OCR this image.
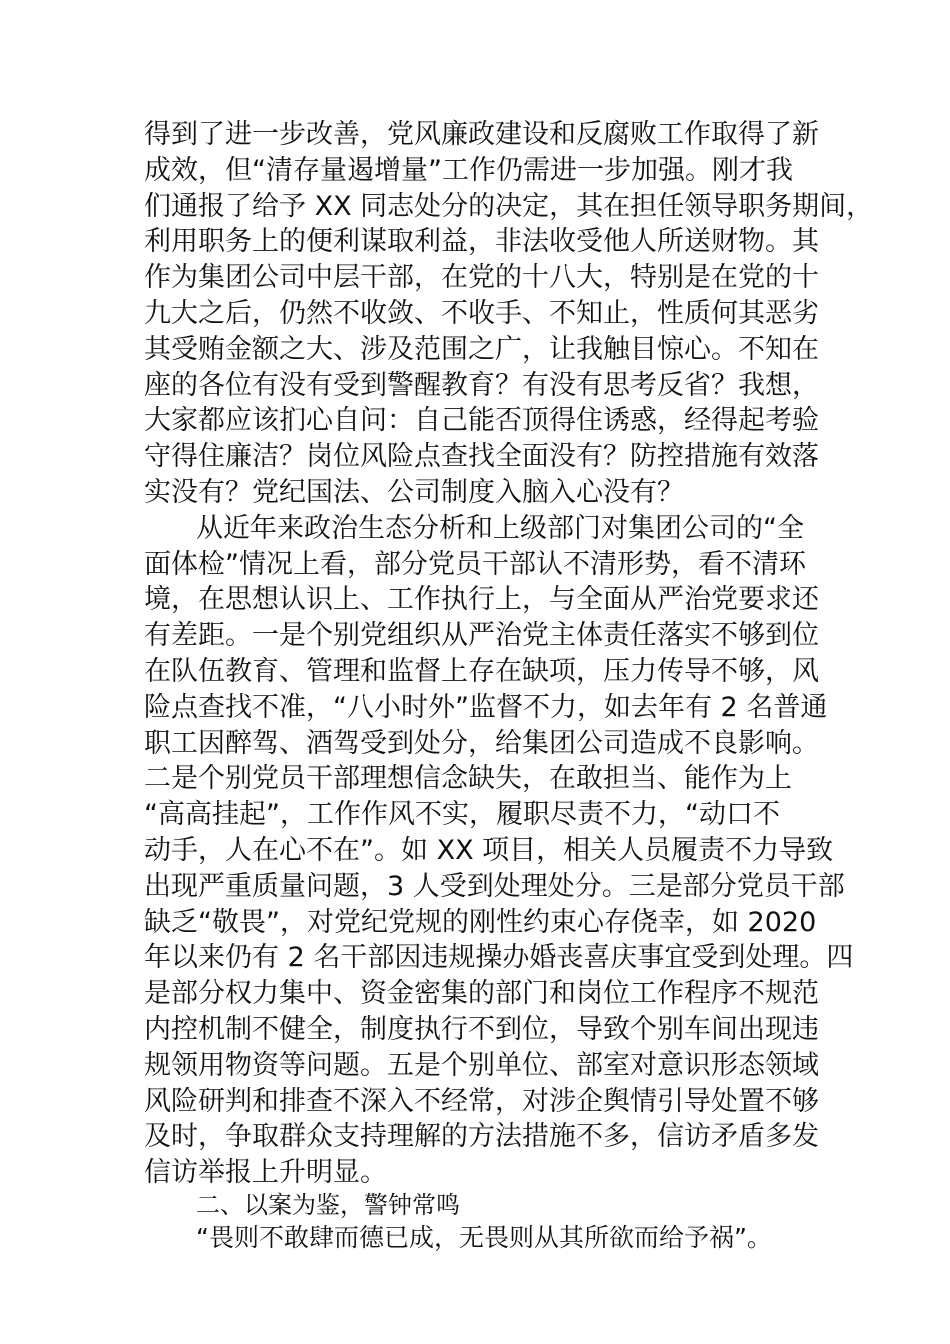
得到了进一步改善，党风廉政建设和反腐败工作取得了新
成效，但“清存量遏增量”工作仍需进一步加强。刚才我
们通报了给予 XX 同志处分的决定，其在担任领导职务期间，
利用职务上的便利谋取利益，非法收受他人所送财物。其
作为集团公司中层干部，在党的十八大，特别是在党的十
九大之后，仍然不收敛、不收手、不知止，性质何其恶劣
其受贿金额之大、涉及范围之广，让我触目惊心。不知在
座的各位有没有受到警醒教育？有没有思考反省？我想，
大家都应该扪心自问：自己能否顶得住诱惑，经得起考验
守得住廉洁？岗位风险点查找全面没有？防控措施有效落
实没有？党纪国法、公司制度入脑入心没有？
从近年来政治生态分析和上级部门对集团公司的“全
面体检”情况上看，部分党员干部认不清形势，看不清环
境，在思想认识上、工作执行上，与全面从严治党要求还
有差距。一是个别党组织从严治党主体责任落实不够到位
在队伍教育、管理和监督上存在缺项，压力传导不够，风
险点查找不准，“八小时外”监督不力，如去年有 2 名普通
职工因醉驾、酒驾受到处分，给集团公司造成不良影响。
二是个别党员干部理想信念缺失，在敢担当、能作为上
“高高挂起”，工作作风不实，履职尽责不力，“动口不
动手，人在心不在”。如 XX 项目，相关人员履责不力导致
出现严重质量问题，3 人受到处理处分。三是部分党员干部
缺乏“敬畏”，对党纪党规的刚性约束心存侥幸，如 2020
年以来仍有 2 名干部因违规操办婚丧喜庆事宜受到处理。四
是部分权力集中、资金密集的部门和岗位工作程序不规范
内控机制不健全，制度执行不到位，导致个别车间出现违
规领用物资等问题。五是个别单位、部室对意识形态领域
风险研判和排查不深入不经常，对涉企舆情引导处置不够
及时，争取群众支持理解的方法措施不多，信访矛盾多发
信访举报上升明显。
二、以案为鉴，警钟常鸣
“畏则不敢肆而德已成，无畏则从其所欲而给予祸”。
